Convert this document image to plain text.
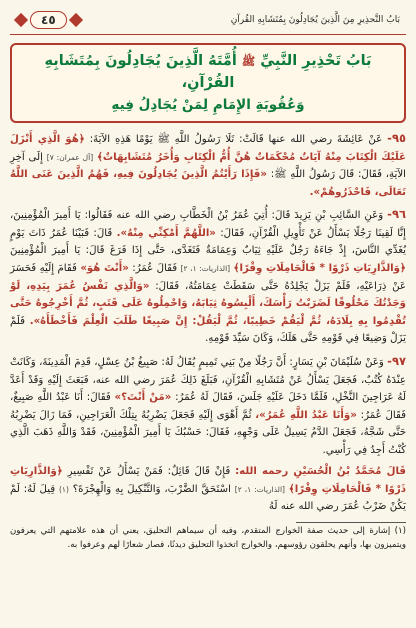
بَابُ التَّحذِيرِ مِنَ الَّذِينَ يُجَادِلُونَ بِمُتَشَابِهِ القُرآنِ
٤٥
بَابُ تَحْذِيرِ النَّبِيِّ ﷺ أُمَّتَهُ الَّذِينَ يُجَادِلُونَ بِمُتَشَابِهِ القُرْآنِ،
وَعُقُوبَةِ الإِمَامِ لِمَنْ يُجَادِلُ فِيهِ

٩٥- عَنْ عَائِشَةَ رضي الله عنها قَالَتْ: تَلَا رَسُولُ اللَّهِ ﷺ يَوْمًا هَذِهِ الآيَةَ: ﴿هُوَ الَّذِي أَنْزَلَ عَلَيْكَ الْكِتَابَ مِنْهُ آيَاتٌ مُحْكَمَاتٌ هُنَّ أُمُّ الْكِتَابِ وَأُخَرُ مُتَشَابِهَاتٌ﴾ [آل عمران: ٧] إِلَى آخِرِ الآيَةِ، فَقَالَ: قَالَ رَسُولُ اللَّهِ ﷺ: «فَإِذَا رَأَيْتُمُ الَّذِينَ يُجَادِلُونَ فِيهِ، فَهُمُ الَّذِينَ عَنَى اللَّهُ تَعَالَى، فَاحْذَرُوهُمْ».

٩٦- وَعَنِ السَّائِبِ بْنِ يَزِيدَ قَالَ: أُتِيَ عُمَرُ بْنُ الْخَطَّابِ رضي الله عنه فَقَالُوا: يَا أَمِيرَ الْمُؤْمِنِينَ، إِنَّا لَقِينَا رَجُلًا يَسْأَلُ عَنْ تَأْوِيلِ الْقُرْآنِ، فَقَالَ: «اللَّهُمَّ أَمْكِنِّي مِنْهُ». قَالَ: فَبَيْنَا عُمَرُ ذَاتَ يَوْمٍ يُغَدِّي النَّاسَ، إِذْ جَاءَهُ رَجُلٌ عَلَيْهِ ثِيَابٌ وَعِمَامَةٌ فَتَغَدَّى، حَتَّى إِذَا فَرَغَ قَالَ: يَا أَمِيرَ الْمُؤْمِنِينَ ﴿وَالذَّارِيَاتِ ذَرْوًا * فَالْحَامِلَاتِ وِقْرًا﴾ [الذاريات: ١، ٢] فَقَالَ عُمَرُ: «أَنْتَ هُوَ» فَقَامَ إِلَيْهِ فَحَسَرَ عَنْ ذِرَاعَيْهِ، فَلَمْ يَزَلْ يَجْلِدُهُ حَتَّى سَقَطَتْ عِمَامَتُهُ، فَقَالَ: «وَالَّذِي نَفْسُ عُمَرَ بِيَدِهِ، لَوْ وَجَدْتُكَ مَحْلُوقًا لَضَرَبْتُ رَأْسَكَ، أَلْبِسُوهُ ثِيَابَهُ، وَاحْمِلُوهُ عَلَى قَتَبٍ، ثُمَّ أَخْرِجُوهُ حَتَّى تُقْدِمُوا بِهِ بِلَادَهُ، ثُمَّ لْيَقُمْ خَطِيبًا، ثُمَّ لْيَقُلْ: إِنَّ صَبِيغًا طَلَبَ الْعِلْمَ فَأَخْطَأَهُ». فَلَمْ يَزَلْ وَضِيعًا فِي قَوْمِهِ حَتَّى هَلَكَ، وَكَانَ سَيِّدَ قَوْمِهِ.

٩٧- وَعَنْ سُلَيْمَانَ بْنِ يَسَارٍ: أَنَّ رَجُلًا مِنْ بَنِي تَمِيمٍ يُقَالُ لَهُ: صَبِيغُ بْنُ عِسْلٍ، قَدِمَ الْمَدِينَةَ، وَكَانَتْ عِنْدَهُ كُتُبٌ، فَجَعَلَ يَسْأَلُ عَنْ مُتَشَابِهِ الْقُرْآنِ، فَبَلَغَ ذَلِكَ عُمَرَ رضي الله عنه، فَبَعَثَ إِلَيْهِ وَقَدْ أَعَدَّ لَهُ عَرَاجِينَ النَّخْلِ، فَلَمَّا دَخَلَ عَلَيْهِ جَلَسَ، فَقَالَ لَهُ عُمَرُ: «مَنْ أَنْتَ؟» فَقَالَ: أَنَا عَبْدُ اللَّهِ صَبِيغٌ، فَقَالَ عُمَرُ: «وَأَنَا عَبْدُ اللَّهِ عُمَرُ»، ثُمَّ أَهْوَى إِلَيْهِ فَجَعَلَ يَضْرِبُهُ بِتِلْكَ الْعَرَاجِينِ، فَمَا زَالَ يَضْرِبُهُ حَتَّى شَجَّهُ، فَجَعَلَ الدَّمُ يَسِيلُ عَلَى وَجْهِهِ، فَقَالَ: حَسْبُكَ يَا أَمِيرَ الْمُؤْمِنِينَ، فَقَدْ وَاللَّهِ ذَهَبَ الَّذِي كُنْتُ أَجِدُ فِي رَأْسِي.

قَالَ مُحَمَّدُ بْنُ الْحُسَيْنِ رحمه الله: فَإِنْ قَالَ قَائِلٌ: فَمَنْ يَسْأَلُ عَنْ تَفْسِيرِ ﴿وَالذَّارِيَاتِ ذَرْوًا * فَالْحَامِلَاتِ وِقْرًا﴾ [الذاريات: ١، ٢] اسْتَحَقَّ الضَّرْبَ، وَالتَّنْكِيلَ بِهِ وَالْهِجْرَةَ؟ (١) قِيلَ لَهُ: لَمْ يَكُنْ ضَرْبُ عُمَرَ رضي الله عنه لَهُ

(١) إشارة إلى حديث صفة الخوارج المتقدم، وفيه أن سيماهم التحليق، يعني أن هذه علامتهم التي يعرفون ويتميزون بها، وأنهم يحلقون رؤوسهم، والخوارج اتخذوا التحليق ديدنًا، فصار شعارًا لهم وعرفوا به.
